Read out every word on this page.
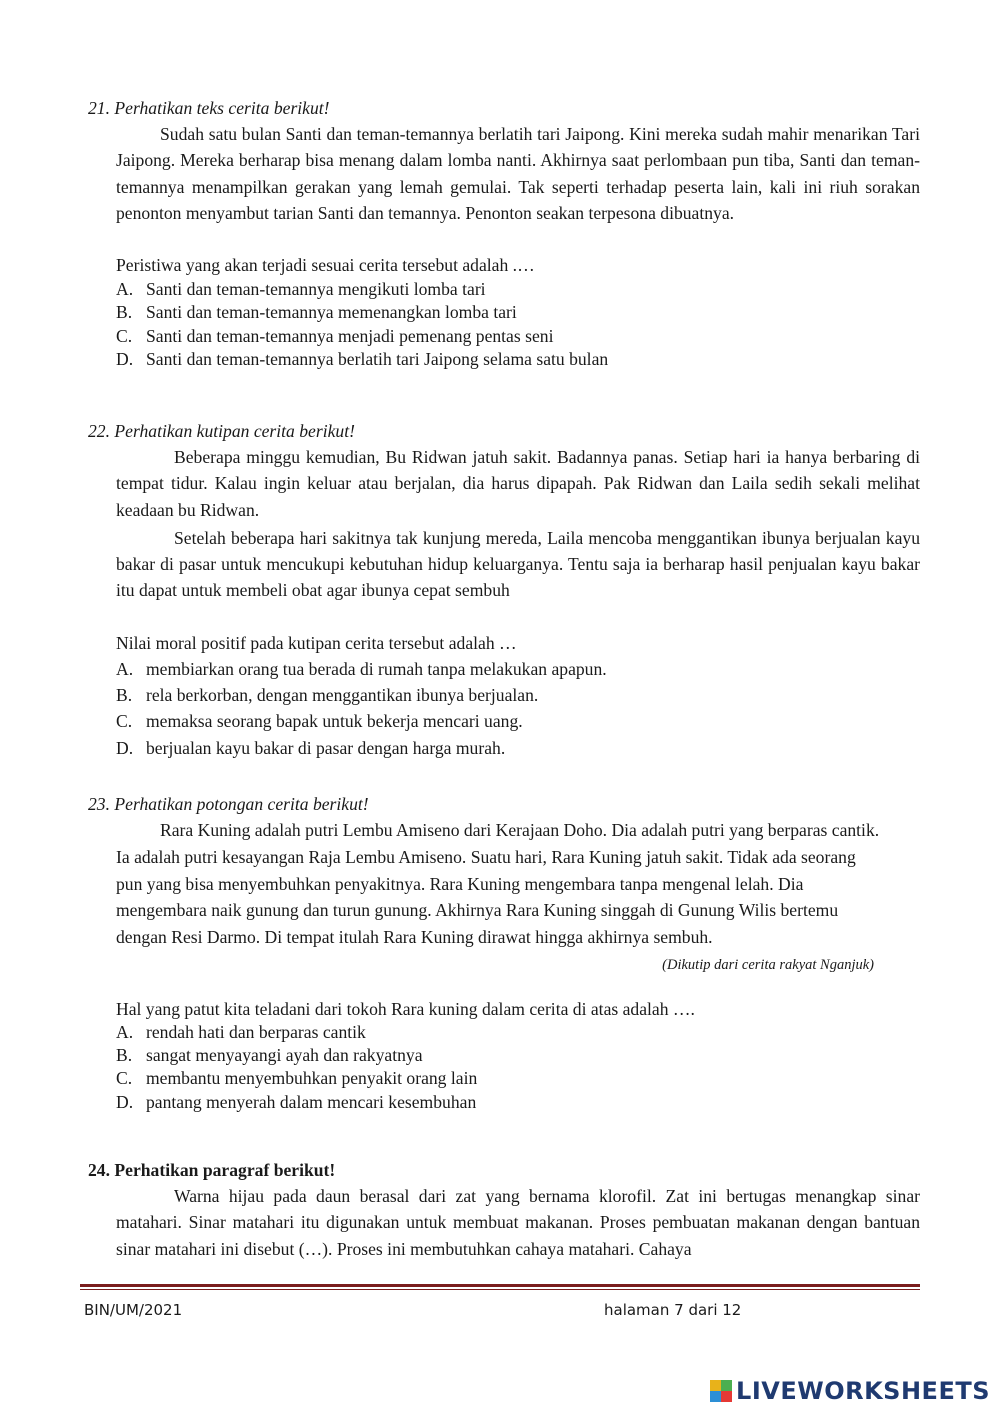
21. Perhatikan teks cerita berikut!
Sudah satu bulan Santi dan teman-temannya berlatih tari Jaipong. Kini mereka sudah mahir menarikan Tari Jaipong. Mereka berharap bisa menang dalam lomba nanti. Akhirnya saat perlombaan pun tiba, Santi dan teman-temannya menampilkan gerakan yang lemah gemulai. Tak seperti terhadap peserta lain, kali ini riuh sorakan penonton menyambut tarian Santi dan temannya. Penonton seakan terpesona dibuatnya.
Peristiwa yang akan terjadi sesuai cerita tersebut adalah .…
A. Santi dan teman-temannya mengikuti lomba tari
B. Santi dan teman-temannya memenangkan lomba tari
C. Santi dan teman-temannya menjadi pemenang pentas seni
D. Santi dan teman-temannya berlatih tari Jaipong selama satu bulan
22. Perhatikan kutipan cerita berikut!
Beberapa minggu kemudian, Bu Ridwan jatuh sakit. Badannya panas. Setiap hari ia hanya berbaring di tempat tidur. Kalau ingin keluar atau berjalan, dia harus dipapah. Pak Ridwan dan Laila sedih sekali melihat keadaan bu Ridwan.
Setelah beberapa hari sakitnya tak kunjung mereda, Laila mencoba menggantikan ibunya berjualan kayu bakar di pasar untuk mencukupi kebutuhan hidup keluarganya. Tentu saja ia berharap hasil penjualan kayu bakar itu dapat untuk membeli obat agar ibunya cepat sembuh
Nilai moral positif pada kutipan cerita tersebut adalah …
A. membiarkan orang tua berada di rumah tanpa melakukan apapun.
B. rela berkorban, dengan menggantikan ibunya berjualan.
C. memaksa seorang bapak untuk bekerja mencari uang.
D. berjualan kayu bakar di pasar dengan harga murah.
23. Perhatikan potongan cerita berikut!
Rara Kuning adalah putri Lembu Amiseno dari Kerajaan Doho. Dia adalah putri yang berparas cantik. Ia adalah putri kesayangan Raja Lembu Amiseno. Suatu hari, Rara Kuning jatuh sakit. Tidak ada seorang pun yang bisa menyembuhkan penyakitnya. Rara Kuning mengembara tanpa mengenal lelah. Dia mengembara naik gunung dan turun gunung. Akhirnya Rara Kuning singgah di Gunung Wilis bertemu dengan Resi Darmo. Di tempat itulah Rara Kuning dirawat hingga akhirnya sembuh.
(Dikutip dari cerita rakyat Nganjuk)
Hal yang patut kita teladani dari tokoh Rara kuning dalam cerita di atas adalah ….
A. rendah hati dan berparas cantik
B. sangat menyayangi ayah dan rakyatnya
C. membantu menyembuhkan penyakit orang lain
D. pantang menyerah dalam mencari kesembuhan
24. Perhatikan paragraf berikut!
Warna hijau pada daun berasal dari zat yang bernama klorofil. Zat ini bertugas menangkap sinar matahari. Sinar matahari itu digunakan untuk membuat makanan. Proses pembuatan makanan dengan bantuan sinar matahari ini disebut (…). Proses ini membutuhkan cahaya matahari. Cahaya
BIN/UM/2021	halaman 7 dari 12
LIVEWORKSHEETS
